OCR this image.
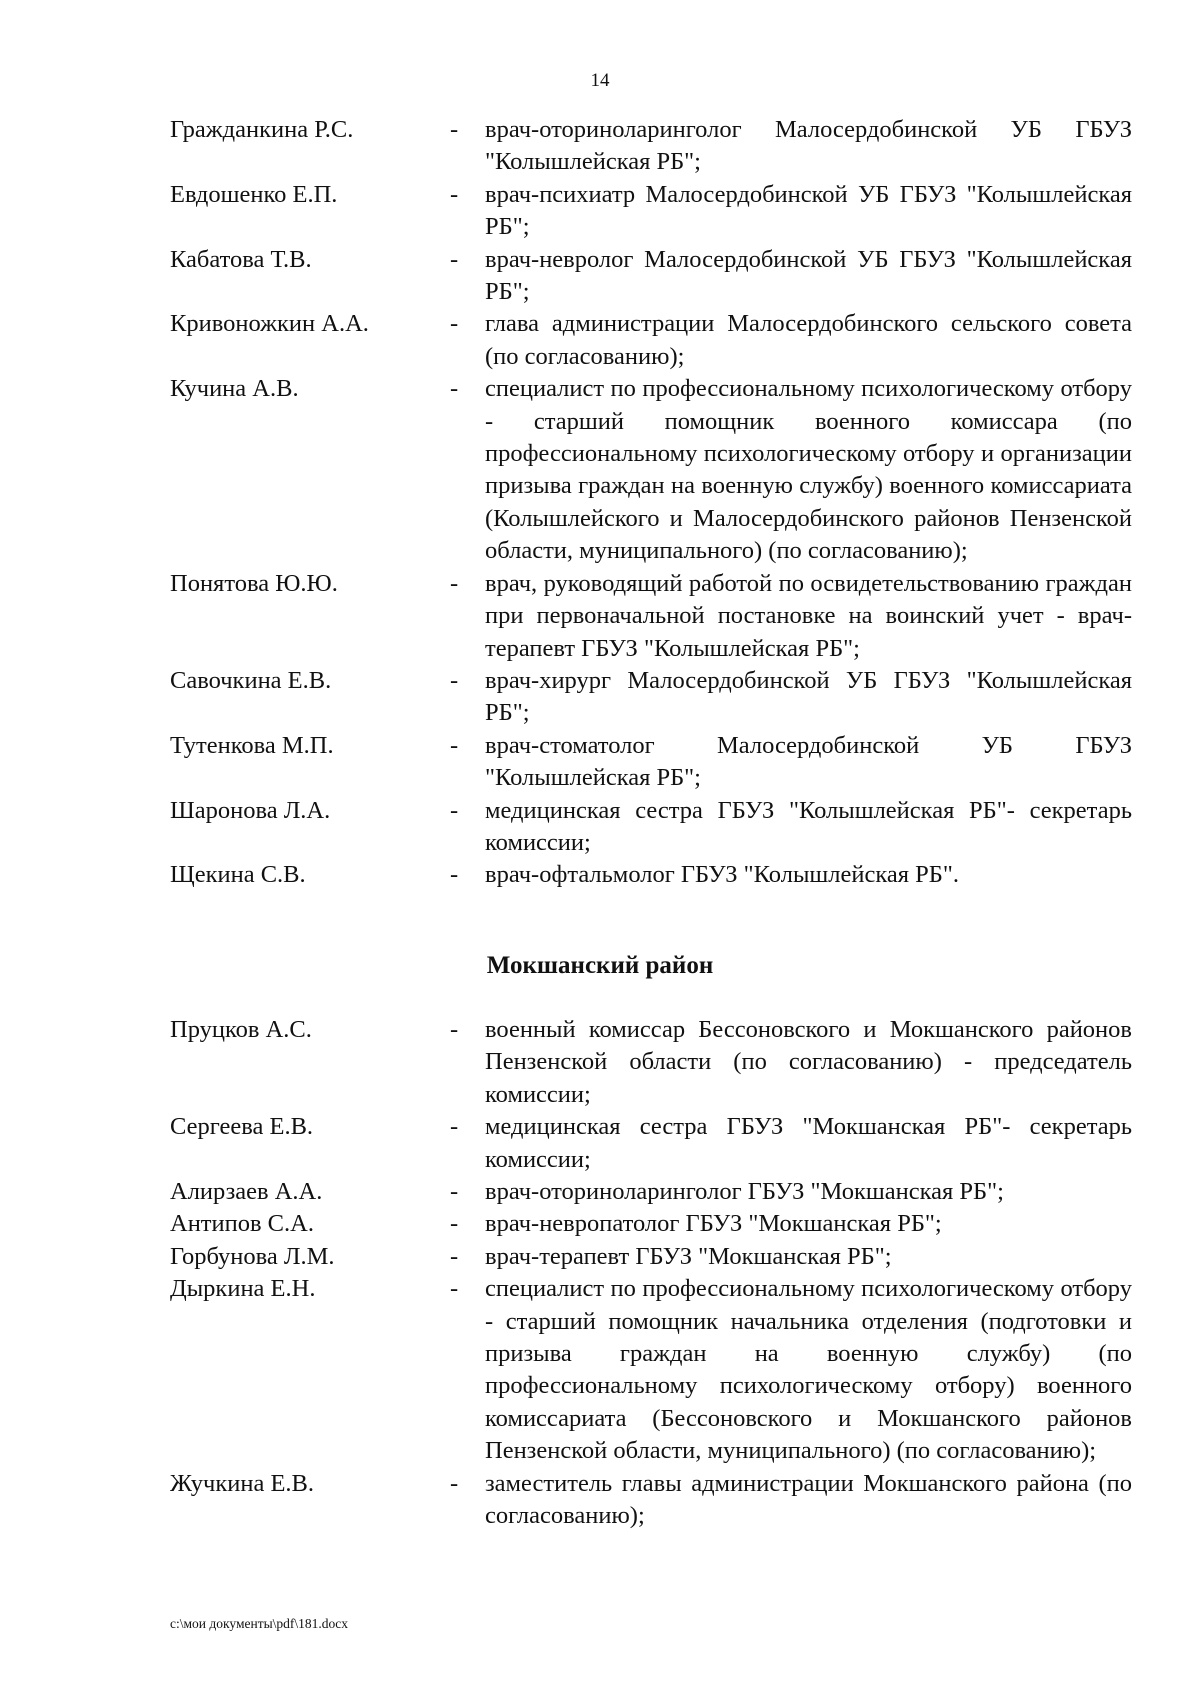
14
Гражданкина Р.С.	-	врач-оториноларинголог Малосердобинской УБ ГБУЗ "Колышлейская РБ";
Евдошенко Е.П.	-	врач-психиатр Малосердобинской УБ ГБУЗ "Колышлейская РБ";
Кабатова Т.В.	-	врач-невролог Малосердобинской УБ ГБУЗ "Колышлейская РБ";
Кривоножкин А.А.	-	глава администрации Малосердобинского сельского совета (по согласованию);
Кучина А.В.	-	специалист по профессиональному психологическому отбору - старший помощник военного комиссара (по профессиональному психологическому отбору и организации призыва граждан на военную службу) военного комиссариата (Колышлейского и Малосердобинского районов Пензенской области, муниципального) (по согласованию);
Понятова Ю.Ю.	-	врач, руководящий работой по освидетельствованию граждан при первоначальной постановке на воинский учет - врач-терапевт ГБУЗ "Колышлейская РБ";
Савочкина Е.В.	-	врач-хирург Малосердобинской УБ ГБУЗ "Колышлейская РБ";
Тутенкова М.П.	-	врач-стоматолог Малосердобинской УБ ГБУЗ "Колышлейская РБ";
Шаронова Л.А.	-	медицинская сестра ГБУЗ "Колышлейская РБ"- секретарь комиссии;
Щекина С.В.	-	врач-офтальмолог ГБУЗ "Колышлейская РБ".
Мокшанский район
Пруцков А.С.	-	военный комиссар Бессоновского и Мокшанского районов Пензенской области (по согласованию) - председатель комиссии;
Сергеева Е.В.	-	медицинская сестра ГБУЗ "Мокшанская РБ"- секретарь комиссии;
Алирзаев А.А.	-	врач-оториноларинголог ГБУЗ "Мокшанская РБ";
Антипов С.А.	-	врач-невропатолог ГБУЗ "Мокшанская РБ";
Горбунова Л.М.	-	врач-терапевт ГБУЗ "Мокшанская РБ";
Дыркина Е.Н.	-	специалист по профессиональному психологическому отбору - старший помощник начальника отделения (подготовки и призыва граждан на военную службу) (по профессиональному психологическому отбору) военного комиссариата (Бессоновского и Мокшанского районов Пензенской области, муниципального) (по согласованию);
Жучкина Е.В.	-	заместитель главы администрации Мокшанского района (по согласованию);
c:\мои документы\pdf\181.docx
